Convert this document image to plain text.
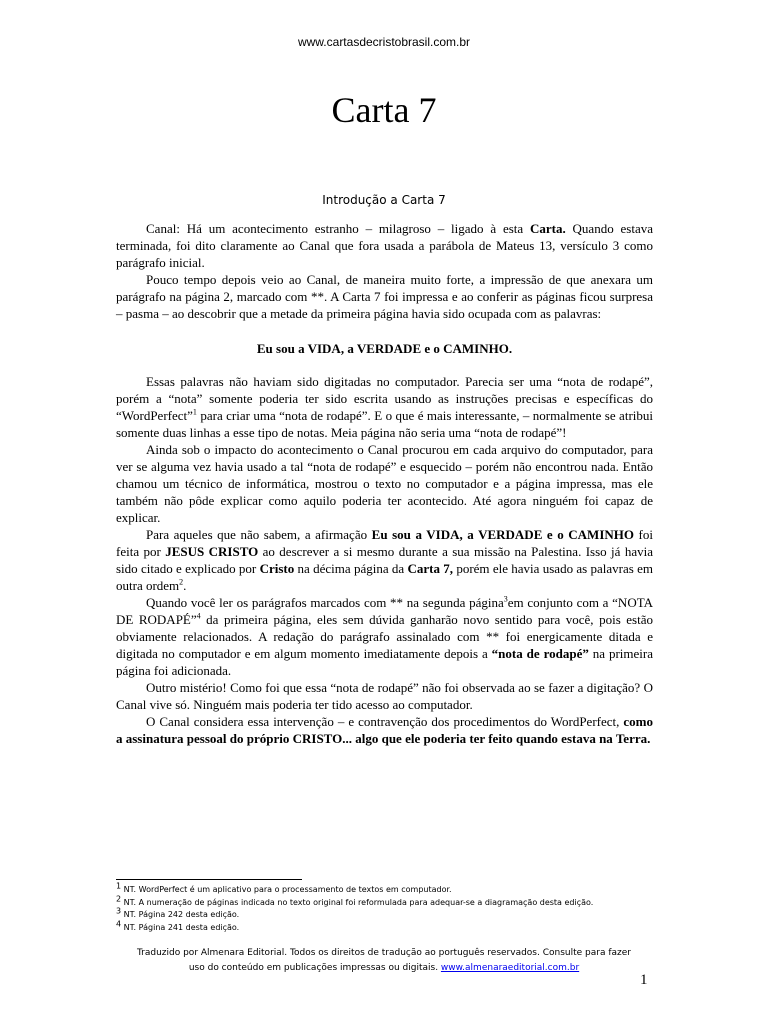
www.cartasdecristobrasil.com.br
Carta 7
Introdução a Carta 7

Canal: Há um acontecimento estranho – milagroso – ligado à esta Carta. Quando estava terminada, foi dito claramente ao Canal que fora usada a parábola de Mateus 13, versículo 3 como parágrafo inicial.

Pouco tempo depois veio ao Canal, de maneira muito forte, a impressão de que anexara um parágrafo na página 2, marcado com **. A Carta 7 foi impressa e ao conferir as páginas ficou surpresa – pasma – ao descobrir que a metade da primeira página havia sido ocupada com as palavras:

Eu sou a VIDA, a VERDADE e o CAMINHO.

Essas palavras não haviam sido digitadas no computador. Parecia ser uma “nota de rodapé”, porém a “nota” somente poderia ter sido escrita usando as instruções precisas e específicas do “WordPerfect”$^1$ para criar uma “nota de rodapé”. E o que é mais interessante, – normalmente se atribui somente duas linhas a esse tipo de notas. Meia página não seria uma “nota de rodapé”!

Ainda sob o impacto do acontecimento o Canal procurou em cada arquivo do computador, para ver se alguma vez havia usado a tal “nota de rodapé” e esquecido – porém não encontrou nada. Então chamou um técnico de informática, mostrou o texto no computador e a página impressa, mas ele também não pôde explicar como aquilo poderia ter acontecido. Até agora ninguém foi capaz de explicar.

Para aqueles que não sabem, a afirmação Eu sou a VIDA, a VERDADE e o CAMINHO foi feita por JESUS CRISTO ao descrever a si mesmo durante a sua missão na Palestina. Isso já havia sido citado e explicado por Cristo na décima página da Carta 7, porém ele havia usado as palavras em outra ordem$^2$.

Quando você ler os parágrafos marcados com ** na segunda página$^3$em conjunto com a “NOTA DE RODAPÉ”$^4$ da primeira página, eles sem dúvida ganharão novo sentido para você, pois estão obviamente relacionados. A redação do parágrafo assinalado com ** foi energicamente ditada e digitada no computador e em algum momento imediatamente depois a “nota de rodapé” na primeira página foi adicionada.

Outro mistério! Como foi que essa “nota de rodapé” não foi observada ao se fazer a digitação? O Canal vive só. Ninguém mais poderia ter tido acesso ao computador.

O Canal considera essa intervenção – e contravenção dos procedimentos do WordPerfect, como a assinatura pessoal do próprio CRISTO... algo que ele poderia ter feito quando estava na Terra.

$^1$ NT. WordPerfect é um aplicativo para o processamento de textos em computador.
$^2$ NT. A numeração de páginas indicada no texto original foi reformulada para adequar-se a diagramação desta edição.
$^3$ NT. Página 242 desta edição.
$^4$ NT. Página 241 desta edição.
Traduzido por Almenara Editorial. Todos os direitos de tradução ao português reservados. Consulte para fazer
uso do conteúdo em publicações impressas ou digitais. www.almenaraeditorial.com.br
1
